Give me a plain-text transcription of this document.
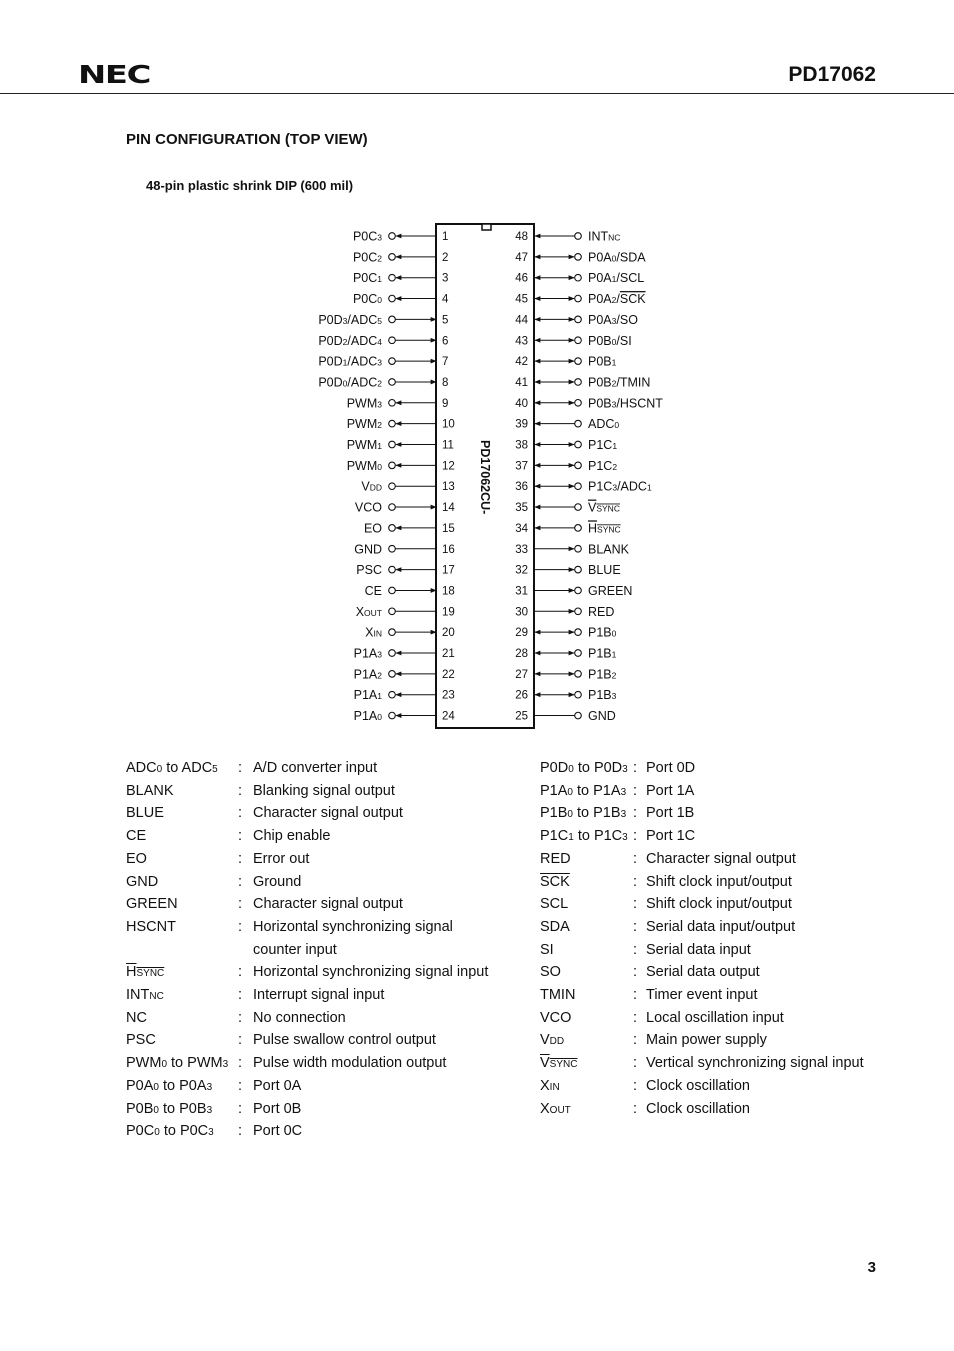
NEC	PD17062
PIN CONFIGURATION (TOP VIEW)
48-pin plastic shrink DIP (600 mil)
PD17062CU-
P0C3	1
P0C2	2
P0C1	3
P0C0	4
P0D3/ADC5	5
P0D2/ADC4	6
P0D1/ADC3	7
P0D0/ADC2	8
PWM3	9
PWM2	10
PWM1	11
PWM0	12
VDD	13
VCO	14
EO	15
GND	16
PSC	17
CE	18
XOUT	19
XIN	20
P1A3	21
P1A2	22
P1A1	23
P1A0	24
48	INTNC
47	P0A0/SDA
46	P0A1/SCL
45	P0A2/SCK
44	P0A3/SO
43	P0B0/SI
42	P0B1
41	P0B2/TMIN
40	P0B3/HSCNT
39	ADC0
38	P1C1
37	P1C2
36	P1C3/ADC1
35	VSYNC
34	HSYNC
33	BLANK
32	BLUE
31	GREEN
30	RED
29	P1B0
28	P1B1
27	P1B2
26	P1B3
25	GND
ADC0 to ADC5 : A/D converter input
BLANK	: Blanking signal output
BLUE	: Character signal output
CE	: Chip enable
EO	: Error out
GND	: Ground
GREEN	: Character signal output
HSCNT	: Horizontal synchronizing signal
counter input
HSYNC	: Horizontal synchronizing signal input
INTNC	: Interrupt signal input
NC	: No connection
PSC	: Pulse swallow control output
PWM0 to PWM3 : Pulse width modulation output
P0A0 to P0A3 : Port 0A
P0B0 to P0B3 : Port 0B
P0C0 to P0C3 : Port 0C
P0D0 to P0D3 : Port 0D
P1A0 to P1A3 : Port 1A
P1B0 to P1B3 : Port 1B
P1C1 to P1C3 : Port 1C
RED	: Character signal output
$\overline{SCK}$	: Shift clock input/output
SCL	: Shift clock input/output
SDA	: Serial data input/output
SI	: Serial data input
SO	: Serial data output
TMIN	: Timer event input
VCO	: Local oscillation input
VDD	: Main power supply
VSYNC	: Vertical synchronizing signal input
XIN	: Clock oscillation
XOUT	: Clock oscillation
3
